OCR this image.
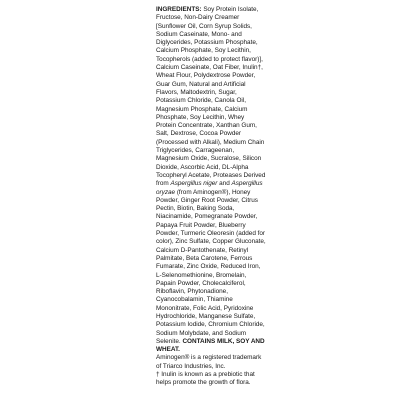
INGREDIENTS: Soy Protein Isolate, Fructose, Non-Dairy Creamer [Sunflower Oil, Corn Syrup Solids, Sodium Caseinate, Mono- and Diglycerides, Potassium Phosphate, Calcium Phosphate, Soy Lecithin, Tocopherols (added to protect flavor)], Calcium Caseinate, Oat Fiber, Inulin†, Wheat Flour, Polydextrose Powder, Guar Gum, Natural and Artificial Flavors, Maltodextrin, Sugar, Potassium Chloride, Canola Oil, Magnesium Phosphate, Calcium Phosphate, Soy Lecithin, Whey Protein Concentrate, Xanthan Gum, Salt, Dextrose, Cocoa Powder (Processed with Alkali), Medium Chain Triglycerides, Carrageenan, Magnesium Oxide, Sucralose, Silicon Dioxide, Ascorbic Acid, DL-Alpha Tocopheryl Acetate, Proteases Derived from Aspergillus niger and Aspergillus oryzae (from Aminogen®), Honey Powder, Ginger Root Powder, Citrus Pectin, Biotin, Baking Soda, Niacinamide, Pomegranate Powder, Papaya Fruit Powder, Blueberry Powder, Turmeric Oleoresin (added for color), Zinc Sulfate, Copper Gluconate, Calcium D-Pantothenate, Retinyl Palmitate, Beta Carotene, Ferrous Fumarate, Zinc Oxide, Reduced Iron, L-Selenomethionine, Bromelain, Papain Powder, Cholecalciferol, Riboflavin, Phytonadione, Cyanocobalamin, Thiamine Mononitrate, Folic Acid, Pyridoxine Hydrochloride, Manganese Sulfate, Potassium Iodide, Chromium Chloride, Sodium Molybdate, and Sodium Selenite. CONTAINS MILK, SOY AND WHEAT.

Aminogen® is a registered trademark of Triarco Industries, Inc.

† Inulin is known as a prebiotic that helps promote the growth of flora.
